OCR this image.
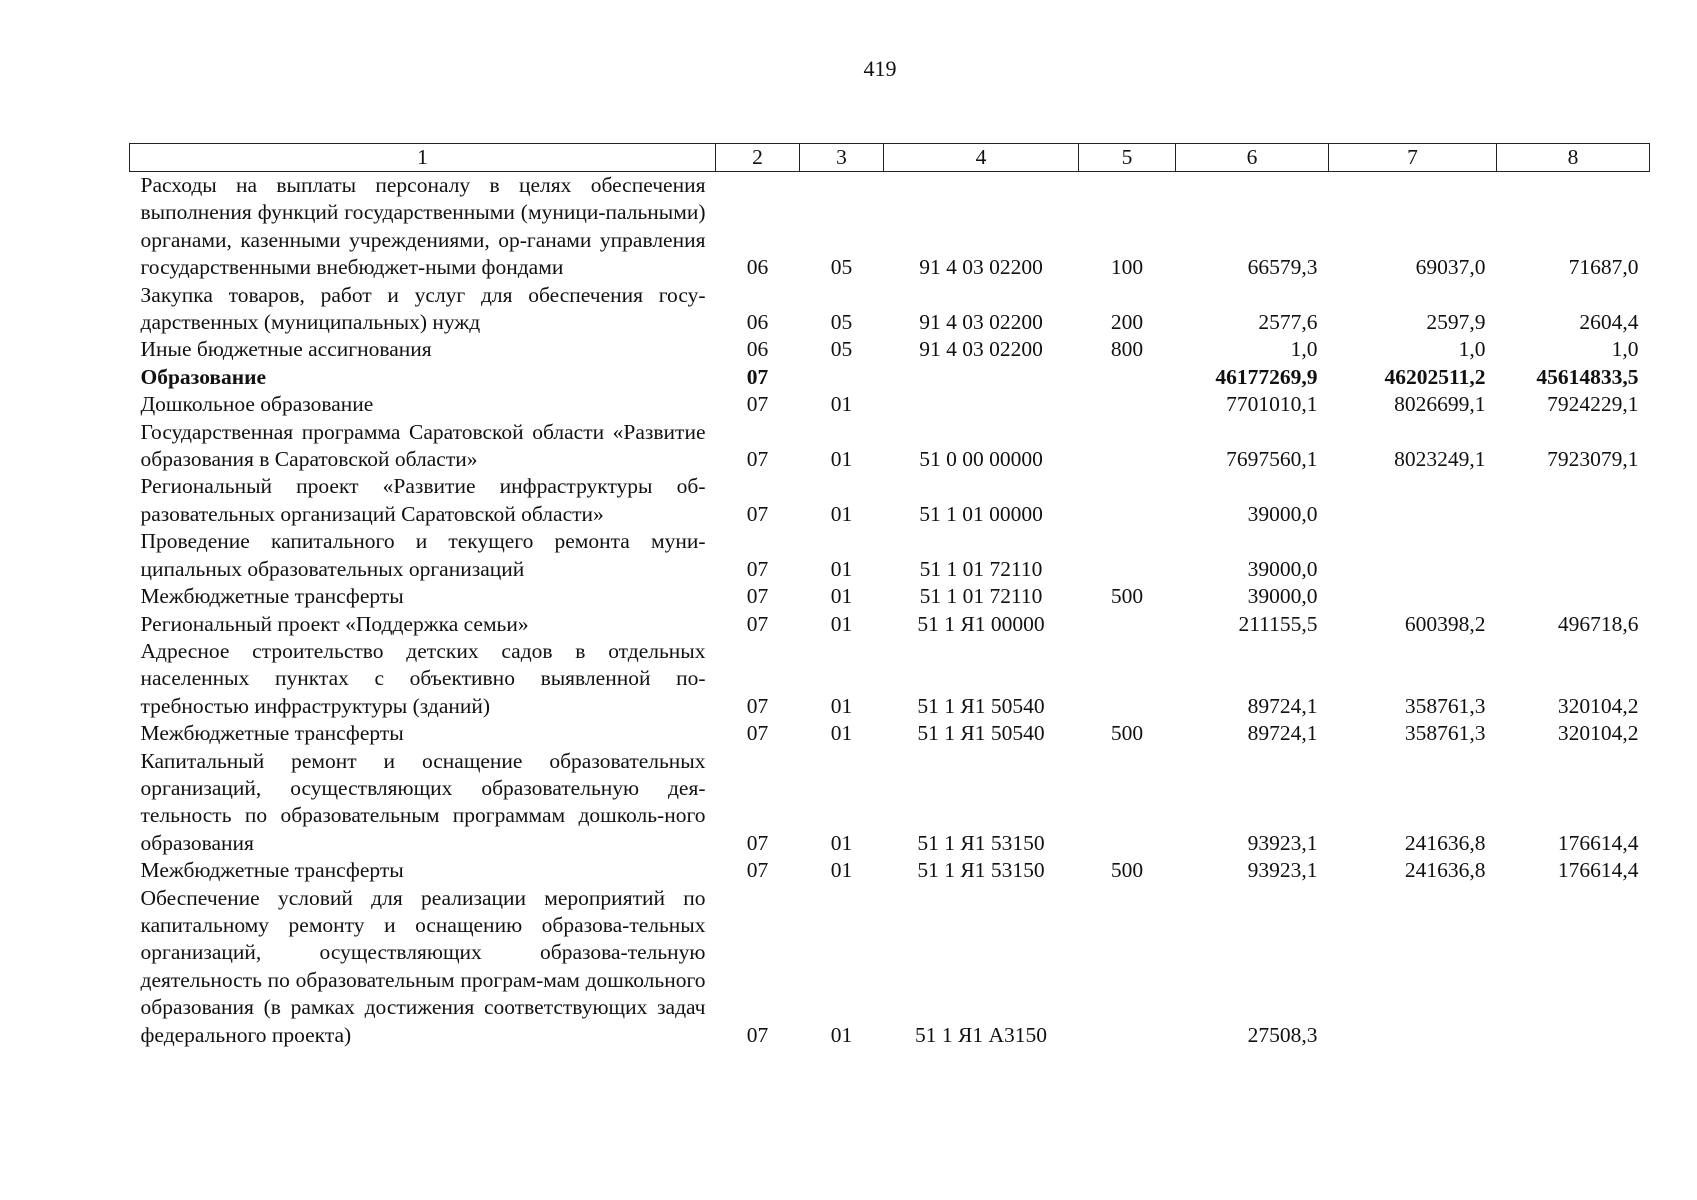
419
1	2	3	4	5	6	7	8
Расходы на выплаты персоналу в целях обеспечения выполнения функций государственными (муници-пальными) органами, казенными учреждениями, ор-ганами управления государственными внебюджет-ными фондами	06	05	91 4 03 02200	100	66579,3	69037,0	71687,0
Закупка товаров, работ и услуг для обеспечения госу-дарственных (муниципальных) нужд	06	05	91 4 03 02200	200	2577,6	2597,9	2604,4
Иные бюджетные ассигнования	06	05	91 4 03 02200	800	1,0	1,0	1,0
Образование	07				46177269,9	46202511,2	45614833,5
Дошкольное образование	07	01			7701010,1	8026699,1	7924229,1
Государственная программа Саратовской области «Развитие образования в Саратовской области»	07	01	51 0 00 00000		7697560,1	8023249,1	7923079,1
Региональный проект «Развитие инфраструктуры об-разовательных организаций Саратовской области»	07	01	51 1 01 00000		39000,0		
Проведение капитального и текущего ремонта муни-ципальных образовательных организаций	07	01	51 1 01 72110		39000,0		
Межбюджетные трансферты	07	01	51 1 01 72110	500	39000,0		
Региональный проект «Поддержка семьи»	07	01	51 1 Я1 00000		211155,5	600398,2	496718,6
Адресное строительство детских садов в отдельных населенных пунктах с объективно выявленной по-требностью инфраструктуры (зданий)	07	01	51 1 Я1 50540		89724,1	358761,3	320104,2
Межбюджетные трансферты	07	01	51 1 Я1 50540	500	89724,1	358761,3	320104,2
Капитальный ремонт и оснащение образовательных организаций, осуществляющих образовательную дея-тельность по образовательным программам дошколь-ного образования	07	01	51 1 Я1 53150		93923,1	241636,8	176614,4
Межбюджетные трансферты	07	01	51 1 Я1 53150	500	93923,1	241636,8	176614,4
Обеспечение условий для реализации мероприятий по капитальному ремонту и оснащению образова-тельных организаций, осуществляющих образова-тельную деятельность по образовательным програм-мам дошкольного образования (в рамках достижения соответствующих задач федерального проекта)	07	01	51 1 Я1 А3150		27508,3		
